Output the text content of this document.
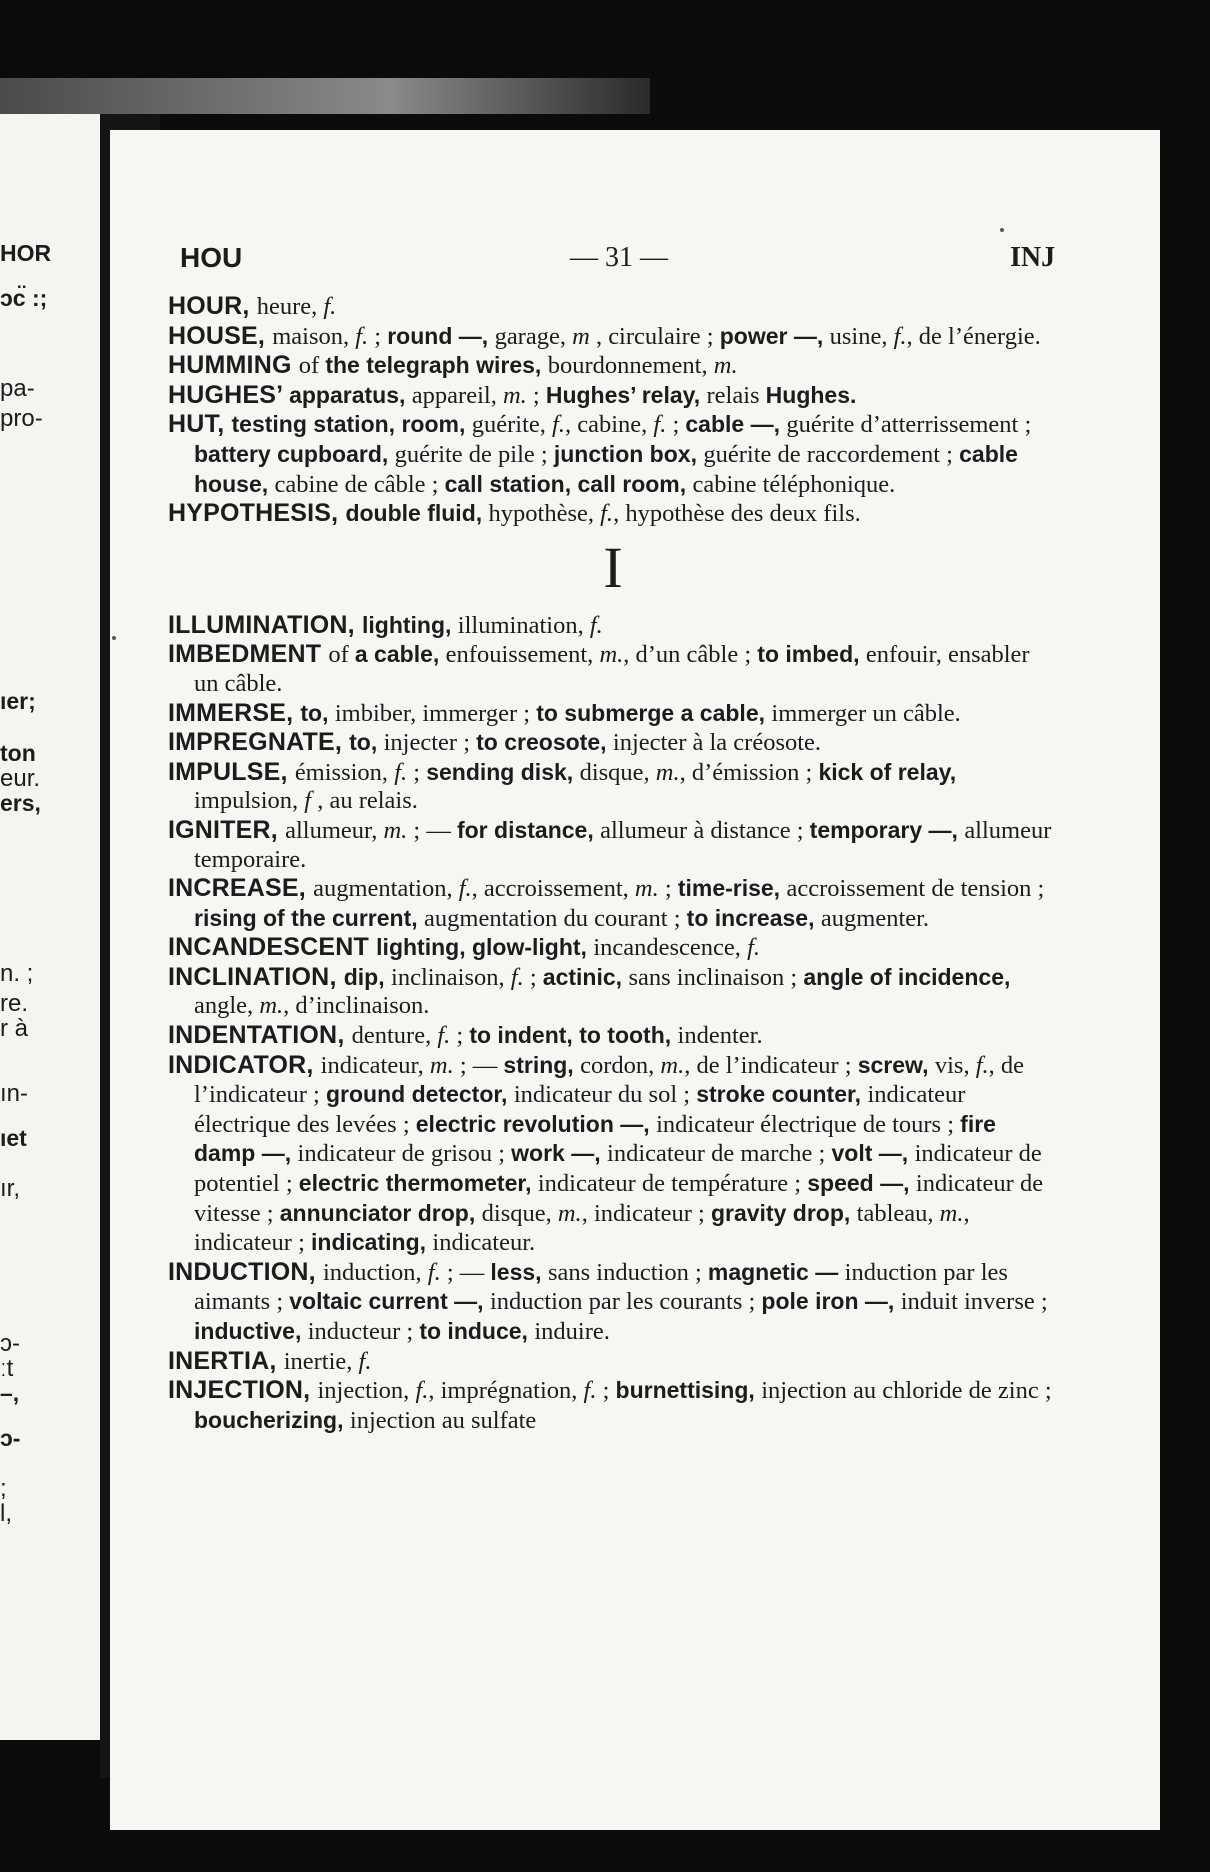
HOR
ɔc̈ :;
pa-
pro-
ıer;
ton
eur.
ers,
n. ;
re.
r à
ın-
ıet
ır,
ɔ-
ːt
–,
ɔ-
;
l,
HOU	— 31 —	INJ

HOUR, heure, f.

HOUSE, maison, f. ; round —, garage, m , circulaire ; power —, usine, f., de l’énergie.

HUMMING of the telegraph wires, bourdonnement, m.

HUGHES’ apparatus, appareil, m. ; Hughes’ relay, relais Hughes.

HUT, testing station, room, guérite, f., cabine, f. ; cable —, guérite d’atterrissement ; battery cupboard, guérite de pile ; junction box, guérite de raccordement ; cable house, cabine de câble ; call station, call room, cabine téléphonique.

HYPOTHESIS, double fluid, hypothèse, f., hypothèse des deux fils.

I

ILLUMINATION, lighting, illumination, f.

IMBEDMENT of a cable, enfouissement, m., d’un câble ; to imbed, enfouir, ensabler un câble.

IMMERSE, to, imbiber, immerger ; to submerge a cable, immerger un câble.

IMPREGNATE, to, injecter ; to creosote, injecter à la créosote.

IMPULSE, émission, f. ; sending disk, disque, m., d’émission ; kick of relay, impulsion, f , au relais.

IGNITER, allumeur, m. ; — for distance, allumeur à distance ; temporary —, allumeur temporaire.

INCREASE, augmentation, f., accroissement, m. ; time-rise, accroissement de tension ; rising of the current, augmentation du courant ; to increase, augmenter.

INCANDESCENT lighting, glow-light, incandescence, f.

INCLINATION, dip, inclinaison, f. ; actinic, sans inclinaison ; angle of incidence, angle, m., d’inclinaison.

INDENTATION, denture, f. ; to indent, to tooth, indenter.

INDICATOR, indicateur, m. ; — string, cordon, m., de l’indicateur ; screw, vis, f., de l’indicateur ; ground detector, indicateur du sol ; stroke counter, indicateur électrique des levées ; electric revolution —, indicateur électrique de tours ; fire damp —, indicateur de grisou ; work —, indicateur de marche ; volt —, indicateur de potentiel ; electric thermometer, indicateur de température ; speed —, indicateur de vitesse ; annunciator drop, disque, m., indicateur ; gravity drop, tableau, m., indicateur ; indicating, indicateur.

INDUCTION, induction, f. ; — less, sans induction ; magnetic — induction par les aimants ; voltaic current —, induction par les courants ; pole iron —, induit inverse ; inductive, inducteur ; to induce, induire.

INERTIA, inertie, f.

INJECTION, injection, f., imprégnation, f. ; burnettising, injection au chloride de zinc ; boucherizing, injection au sulfate
